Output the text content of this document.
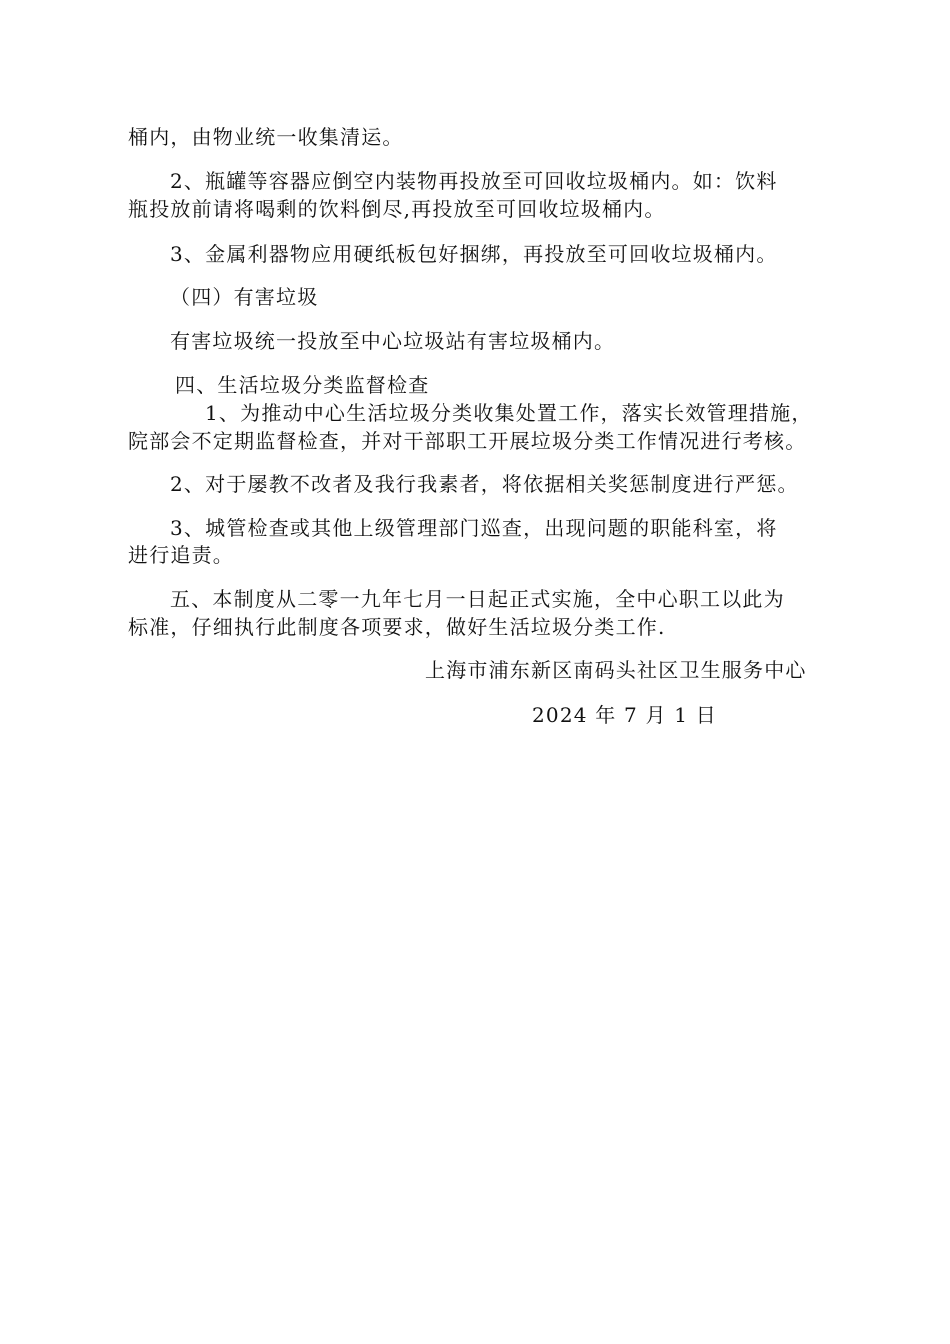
桶内，由物业统一收集清运。
2、瓶罐等容器应倒空内装物再投放至可回收垃圾桶内。如：饮料
瓶投放前请将喝剩的饮料倒尽,再投放至可回收垃圾桶内。
3、金属利器物应用硬纸板包好捆绑，再投放至可回收垃圾桶内。
（四）有害垃圾
有害垃圾统一投放至中心垃圾站有害垃圾桶内。
四、生活垃圾分类监督检查
1、为推动中心生活垃圾分类收集处置工作，落实长效管理措施，
院部会不定期监督检查，并对干部职工开展垃圾分类工作情况进行考核。
2、对于屡教不改者及我行我素者，将依据相关奖惩制度进行严惩。
3、城管检查或其他上级管理部门巡查，出现问题的职能科室，将
进行追责。
五、本制度从二零一九年七月一日起正式实施，全中心职工以此为
标准，仔细执行此制度各项要求，做好生活垃圾分类工作.
上海市浦东新区南码头社区卫生服务中心
2024 年 7 月 1 日
